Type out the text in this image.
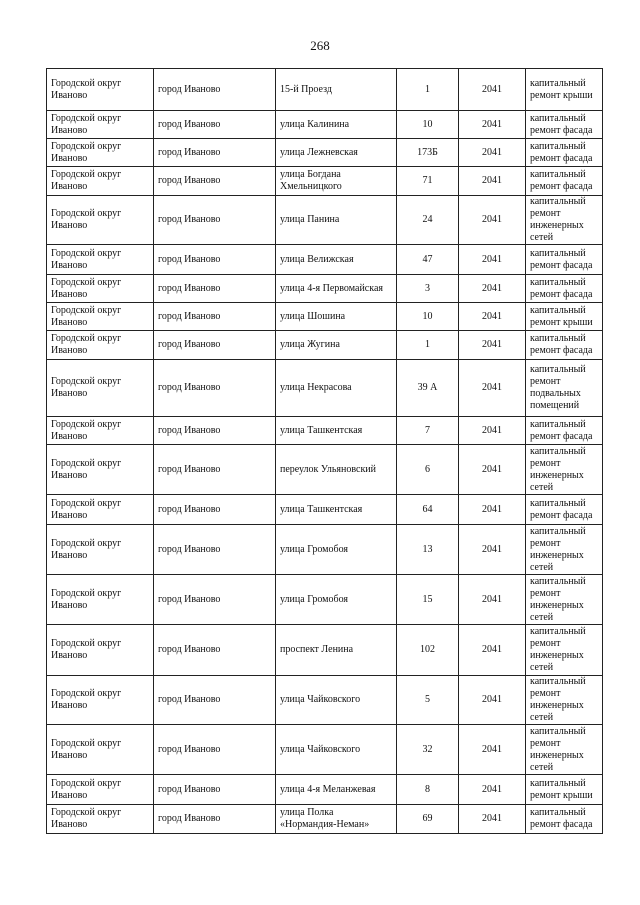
268
Городской округ Иваново	город Иваново	15-й Проезд	1	2041	капитальный ремонт крыши
Городской округ Иваново	город Иваново	улица Калинина	10	2041	капитальный ремонт фасада
Городской округ Иваново	город Иваново	улица Лежневская	173Б	2041	капитальный ремонт фасада
Городской округ Иваново	город Иваново	улица Богдана Хмельницкого	71	2041	капитальный ремонт фасада
Городской округ Иваново	город Иваново	улица Панина	24	2041	капитальный ремонт инженерных сетей
Городской округ Иваново	город Иваново	улица Велижская	47	2041	капитальный ремонт фасада
Городской округ Иваново	город Иваново	улица 4-я Первомайская	3	2041	капитальный ремонт фасада
Городской округ Иваново	город Иваново	улица Шошина	10	2041	капитальный ремонт крыши
Городской округ Иваново	город Иваново	улица Жугина	1	2041	капитальный ремонт фасада
Городской округ Иваново	город Иваново	улица Некрасова	39 А	2041	капитальный ремонт подвальных помещений
Городской округ Иваново	город Иваново	улица Ташкентская	7	2041	капитальный ремонт фасада
Городской округ Иваново	город Иваново	переулок Ульяновский	6	2041	капитальный ремонт инженерных сетей
Городской округ Иваново	город Иваново	улица Ташкентская	64	2041	капитальный ремонт фасада
Городской округ Иваново	город Иваново	улица Громобоя	13	2041	капитальный ремонт инженерных сетей
Городской округ Иваново	город Иваново	улица Громобоя	15	2041	капитальный ремонт инженерных сетей
Городской округ Иваново	город Иваново	проспект Ленина	102	2041	капитальный ремонт инженерных сетей
Городской округ Иваново	город Иваново	улица Чайковского	5	2041	капитальный ремонт инженерных сетей
Городской округ Иваново	город Иваново	улица Чайковского	32	2041	капитальный ремонт инженерных сетей
Городской округ Иваново	город Иваново	улица 4-я Меланжевая	8	2041	капитальный ремонт крыши
Городской округ Иваново	город Иваново	улица Полка «Нормандия-Неман»	69	2041	капитальный ремонт фасада
